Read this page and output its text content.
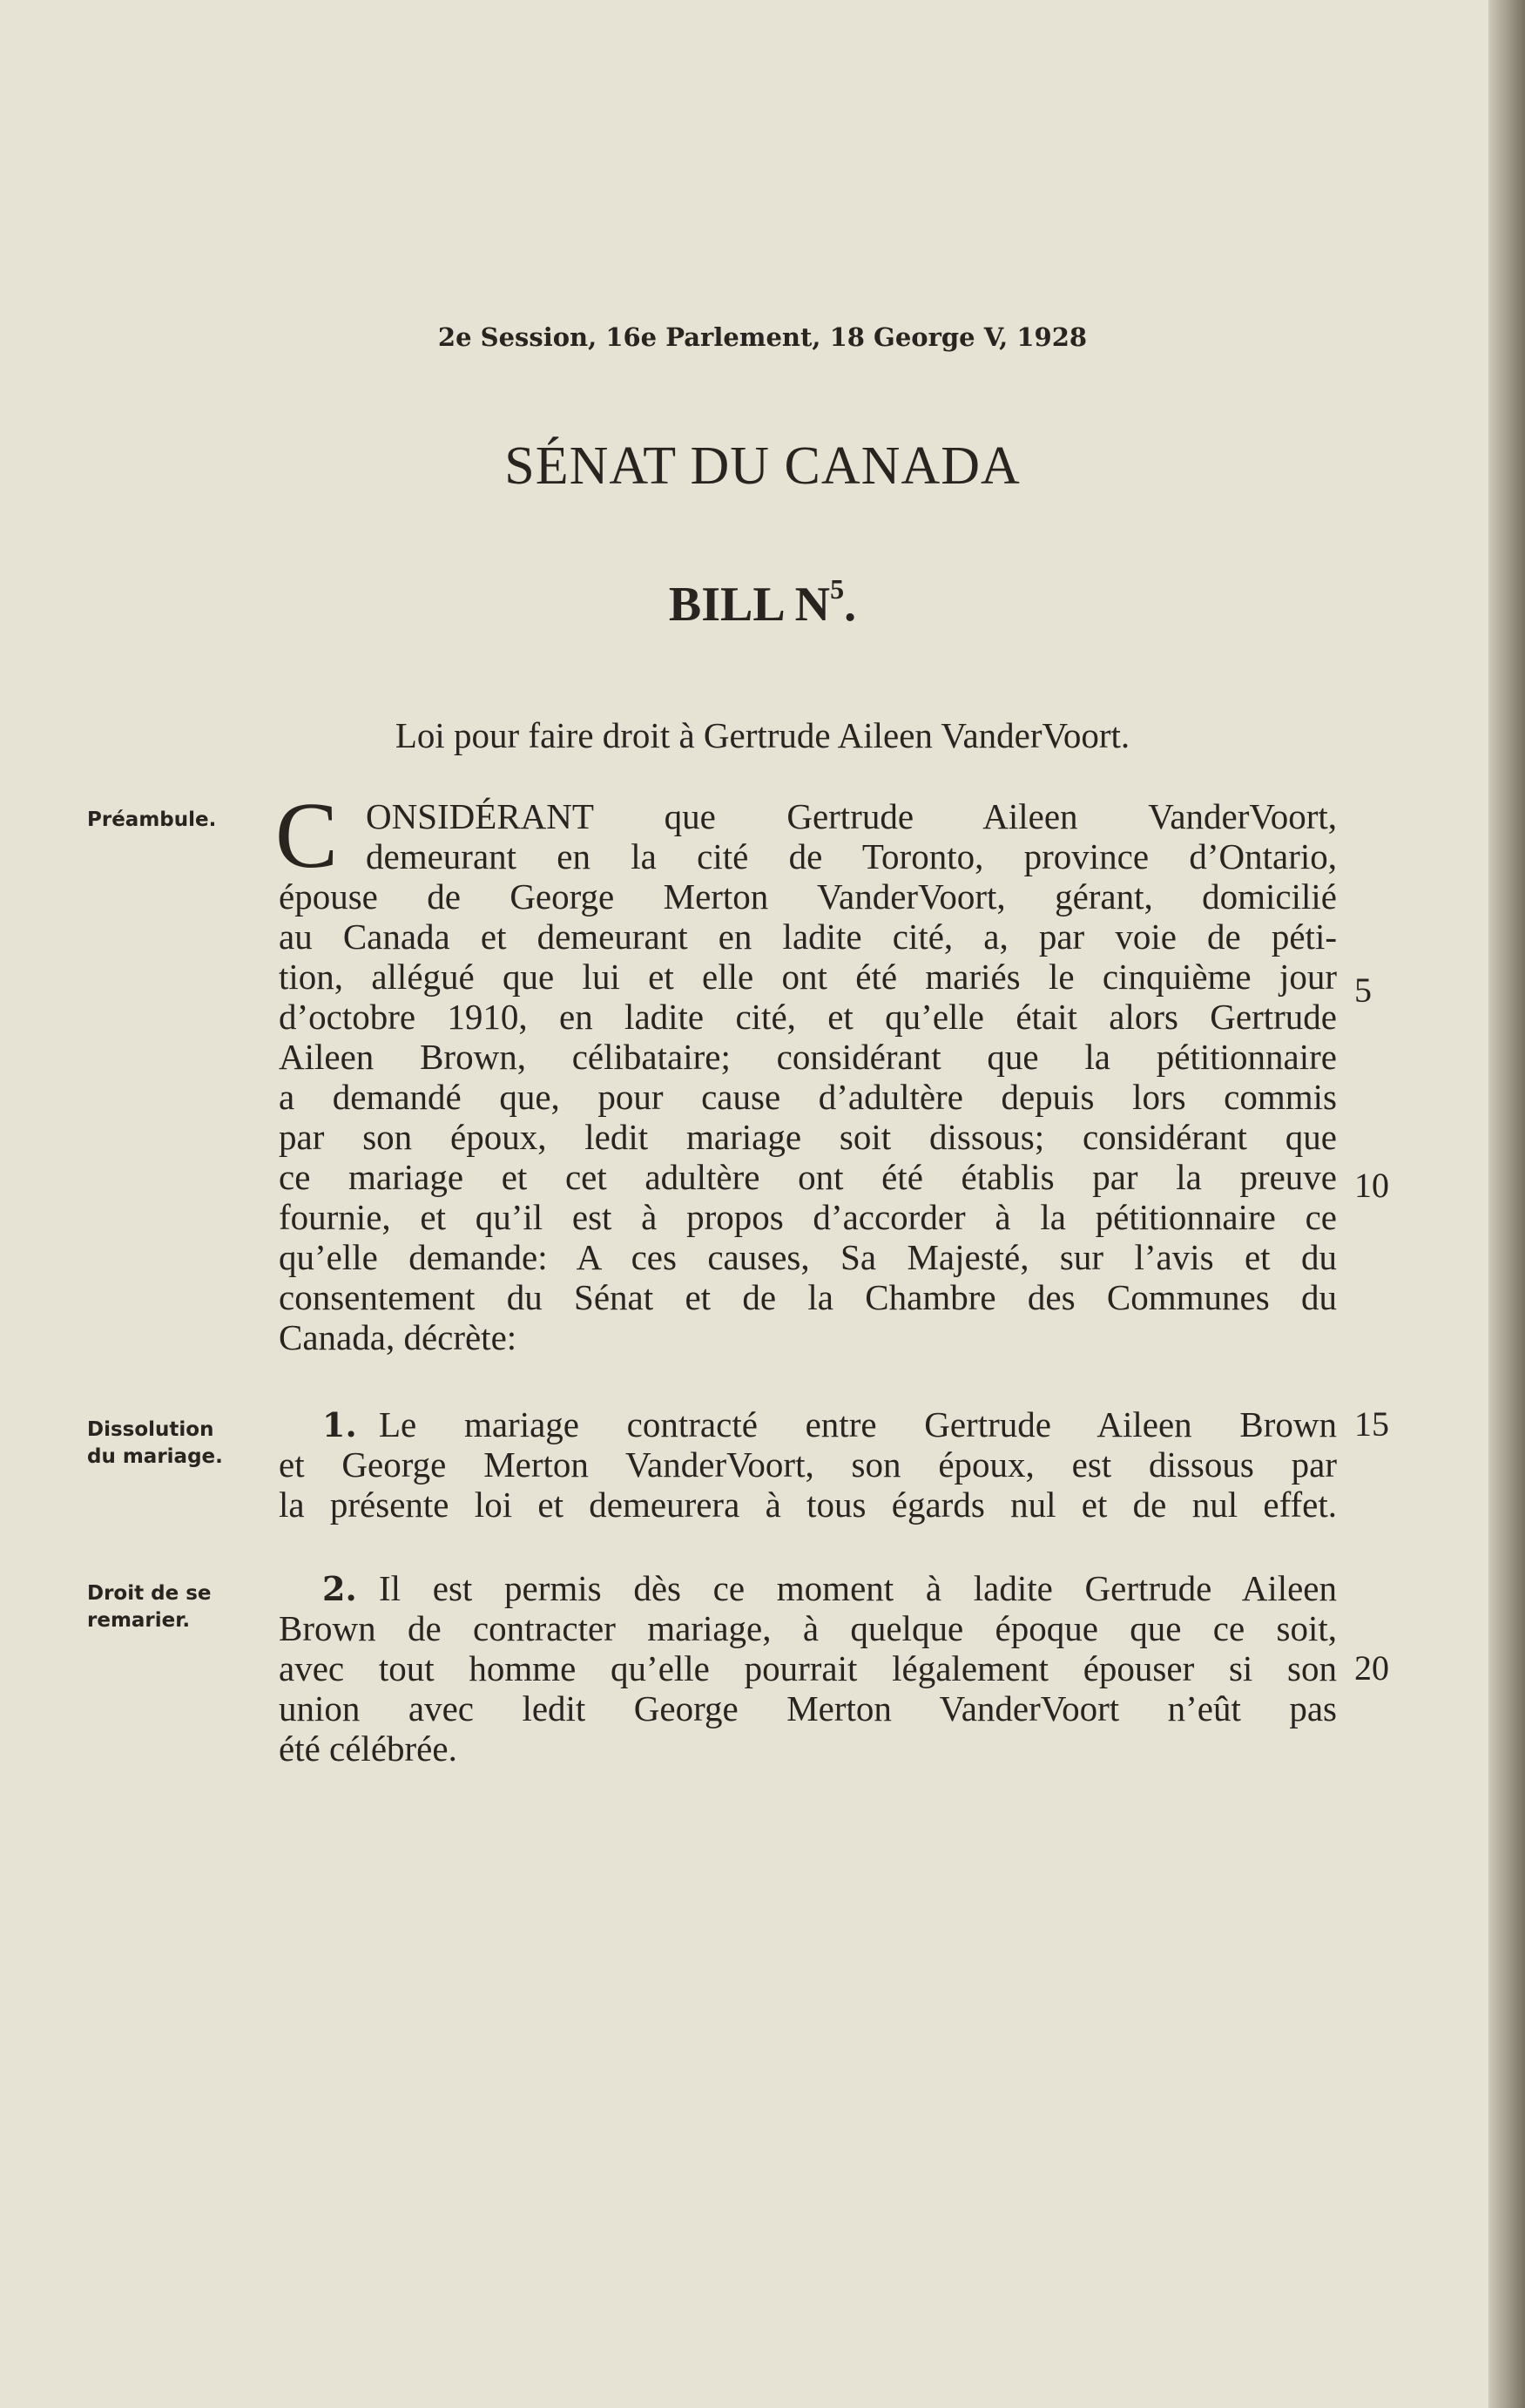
2e Session, 16e Parlement, 18 George V, 1928
SÉNAT DU CANADA
BILL $N^5$.
Loi pour faire droit à Gertrude Aileen VanderVoort.
Préambule.
Dissolution
du mariage.
Droit de se
remarier.
C ONSIDÉRANT que Gertrude Aileen VanderVoort,
demeurant en la cité de Toronto, province d’Ontario,
épouse de George Merton VanderVoort, gérant, domicilié
au Canada et demeurant en ladite cité, a, par voie de péti-
tion, allégué que lui et elle ont été mariés le cinquième jour
d’octobre 1910, en ladite cité, et qu’elle était alors Gertrude
Aileen Brown, célibataire; considérant que la pétitionnaire
a demandé que, pour cause d’adultère depuis lors commis
par son époux, ledit mariage soit dissous; considérant que
ce mariage et cet adultère ont été établis par la preuve
fournie, et qu’il est à propos d’accorder à la pétitionnaire ce
qu’elle demande: A ces causes, Sa Majesté, sur l’avis et du
consentement du Sénat et de la Chambre des Communes du
Canada, décrète:
1. Le mariage contracté entre Gertrude Aileen Brown
et George Merton VanderVoort, son époux, est dissous par
la présente loi et demeurera à tous égards nul et de nul effet.
2. Il est permis dès ce moment à ladite Gertrude Aileen
Brown de contracter mariage, à quelque époque que ce soit,
avec tout homme qu’elle pourrait légalement épouser si son
union avec ledit George Merton VanderVoort n’eût pas
été célébrée.
5
10
15
20
